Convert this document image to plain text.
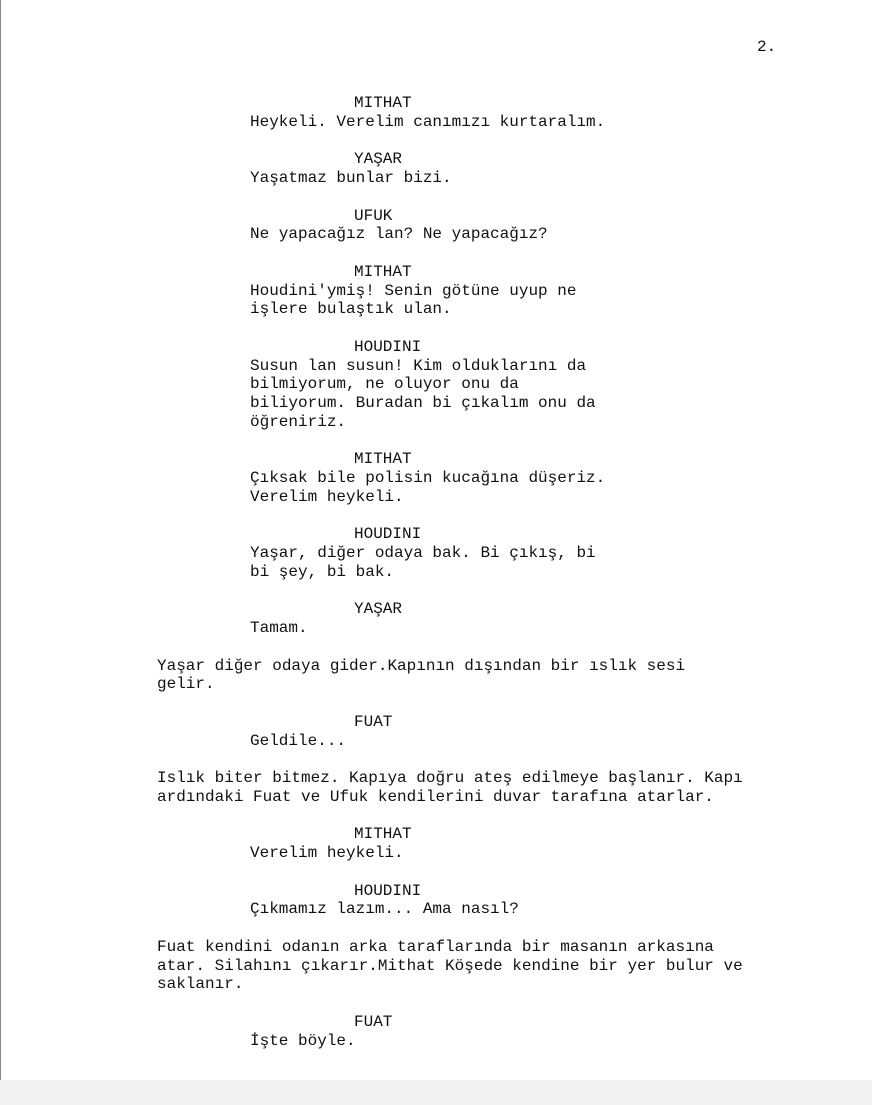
2.
MITHAT
Heykeli. Verelim canımızı kurtaralım.
YAŞAR
Yaşatmaz bunlar bizi.
UFUK
Ne yapacağız lan? Ne yapacağız?
MITHAT
Houdini'ymiş! Senin götüne uyup ne
işlere bulaştık ulan.
HOUDINI
Susun lan susun! Kim olduklarını da
bilmiyorum, ne oluyor onu da
biliyorum. Buradan bi çıkalım onu da
öğreniriz.
MITHAT
Çıksak bile polisin kucağına düşeriz.
Verelim heykeli.
HOUDINI
Yaşar, diğer odaya bak. Bi çıkış, bi
bi şey, bi bak.
YAŞAR
Tamam.
Yaşar diğer odaya gider.Kapının dışından bir ıslık sesi
gelir.
FUAT
Geldile...
Islık biter bitmez. Kapıya doğru ateş edilmeye başlanır. Kapı
ardındaki Fuat ve Ufuk kendilerini duvar tarafına atarlar.
MITHAT
Verelim heykeli.
HOUDINI
Çıkmamız lazım... Ama nasıl?
Fuat kendini odanın arka taraflarında bir masanın arkasına
atar. Silahını çıkarır.Mithat Köşede kendine bir yer bulur ve
saklanır.
FUAT
İşte böyle.
